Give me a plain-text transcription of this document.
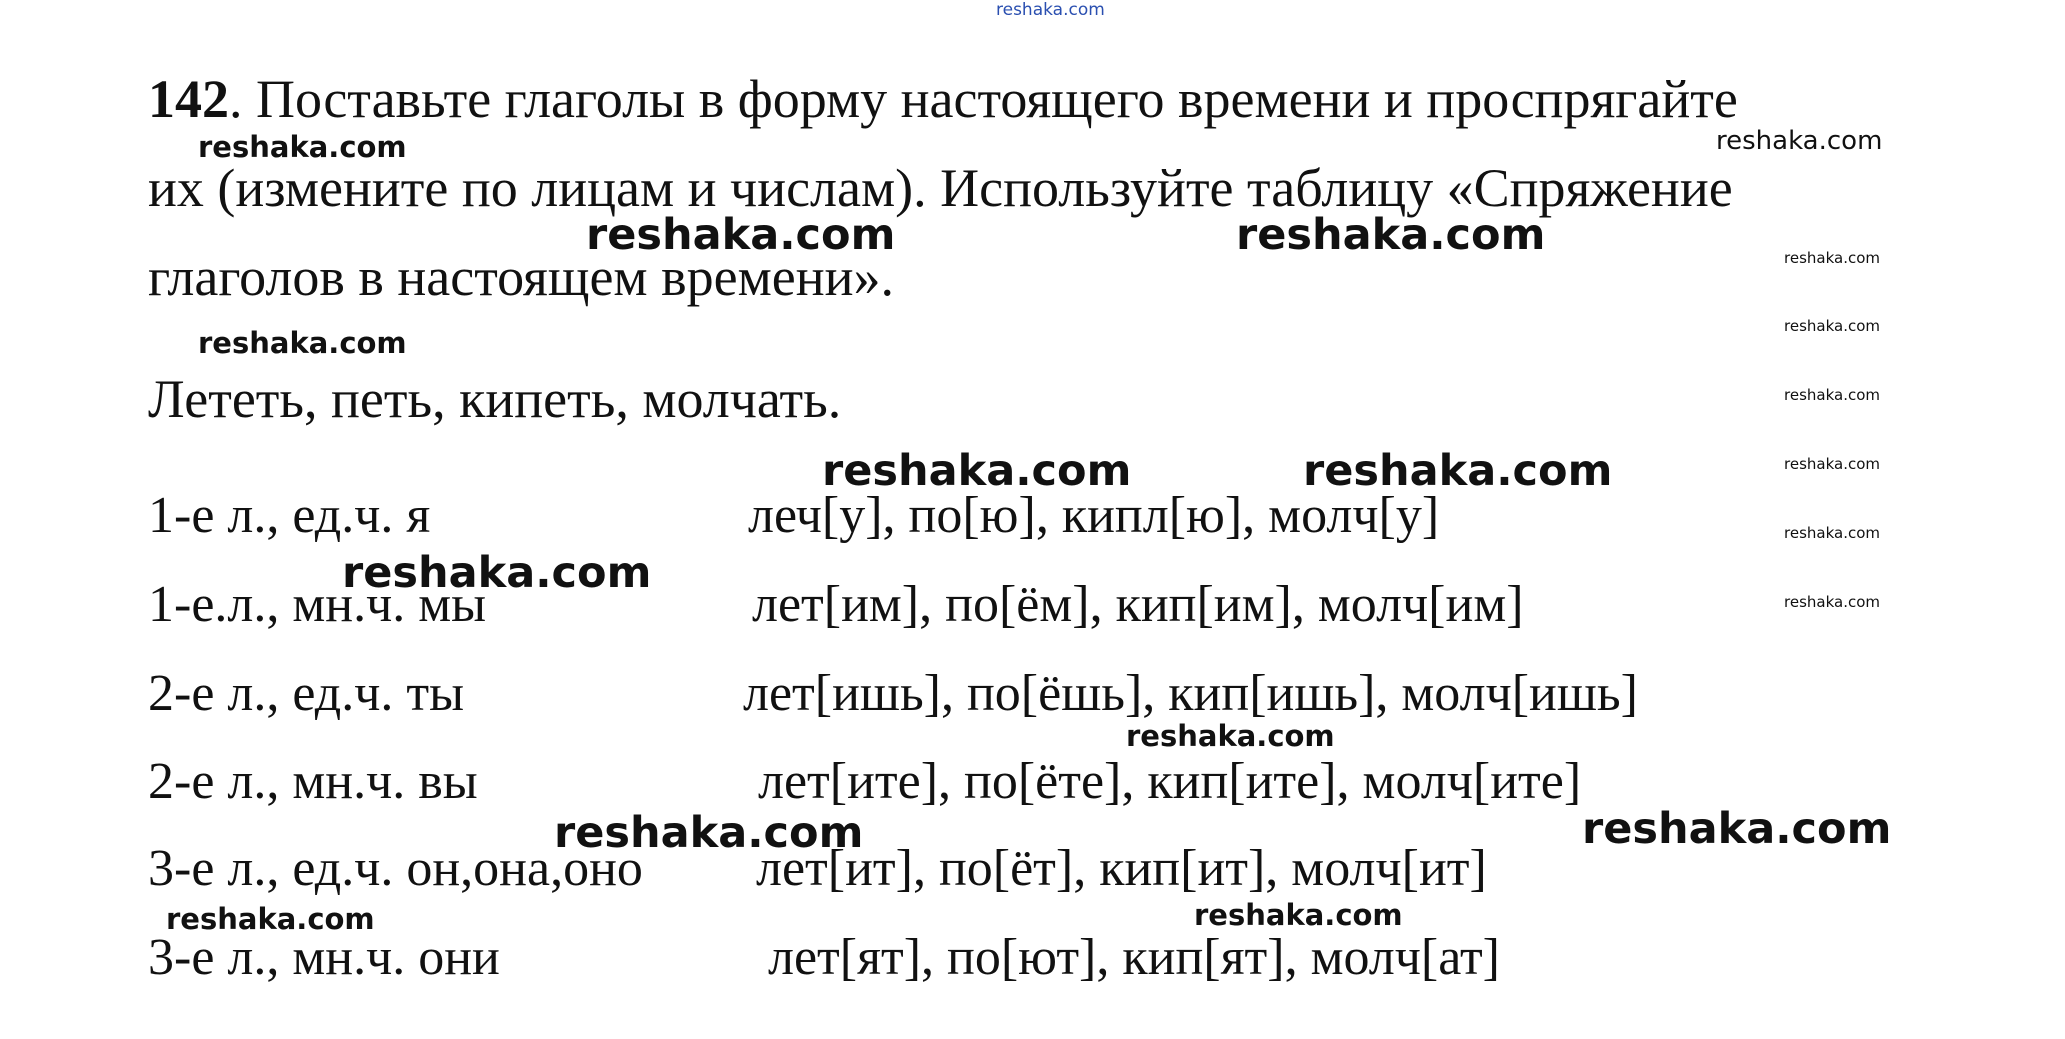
142. Поставьте глаголы в форму настоящего времени и проспрягайте
их (измените по лицам и числам). Используйте таблицу «Спряжение
глаголов в настоящем времени».
Лететь, петь, кипеть, молчать.
1-е л., ед.ч. я	леч[у], по[ю], кипл[ю], молч[у]
1-е.л., мн.ч. мы	лет[им], по[ём], кип[им], молч[им]
2-е л., ед.ч. ты	лет[ишь], по[ёшь], кип[ишь], молч[ишь]
2-е л., мн.ч. вы	лет[ите], по[ёте], кип[ите], молч[ите]
3-е л., ед.ч. он,она,оно лет[ит], по[ёт], кип[ит], молч[ит]
3-е л., мн.ч. они	лет[ят], по[ют], кип[ят], молч[ат]
reshaka.com
reshaka.com	reshaka.com
reshaka.com	reshaka.com	reshaka.com
reshaka.com
reshaka.com
reshaka.com
reshaka.com	reshaka.com	reshaka.com
reshaka.com
reshaka.com
reshaka.com
reshaka.com
reshaka.com	reshaka.com
reshaka.com	reshaka.com
